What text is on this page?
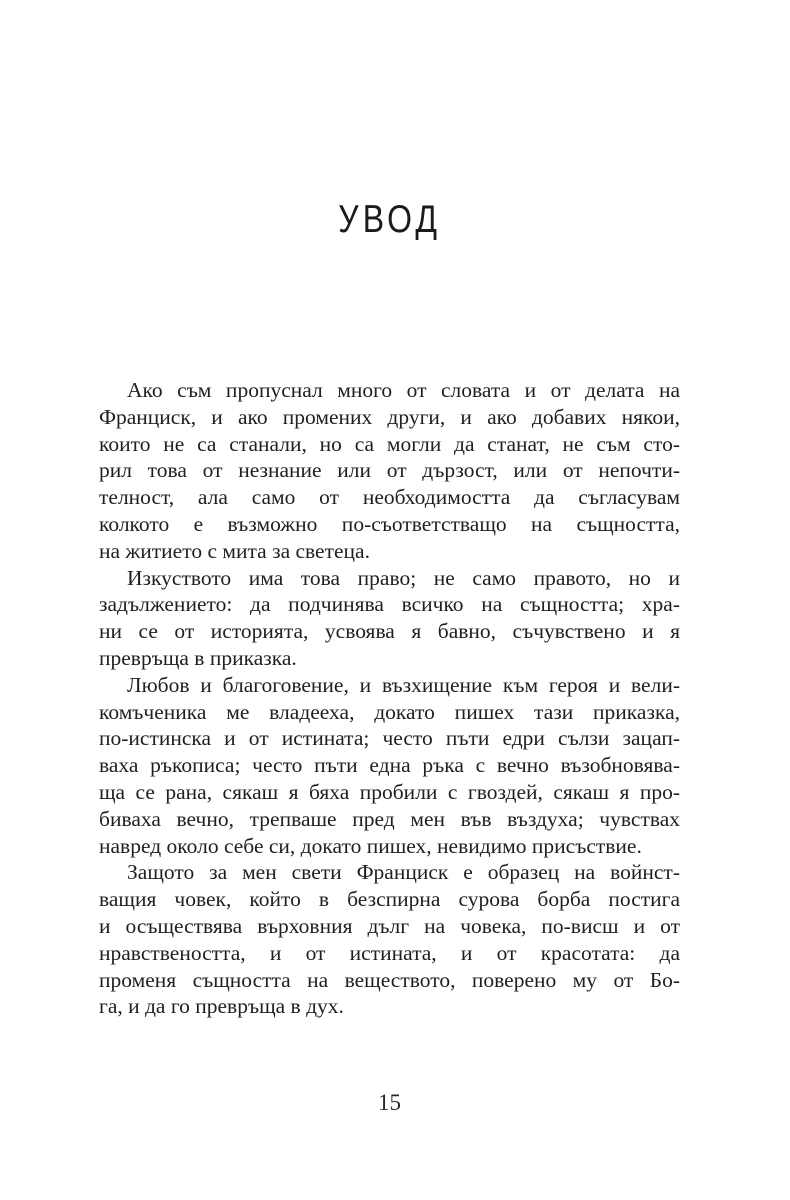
УВОД
Ако съм пропуснал много от словата и от делата на
Франциск, и ако промених други, и ако добавих някои,
които не са станали, но са могли да станат, не съм сто-
рил това от незнание или от дързост, или от непочти-
телност, ала само от необходимостта да съгласувам
колкото е възможно по-съответстващо на същността,
на житието с мита за светеца.
Изкуството има това право; не само правото, но и
задължението: да подчинява всичко на същността; хра-
ни се от историята, усвоява я бавно, съчувствено и я
превръща в приказка.
Любов и благоговение, и възхищение към героя и вели-
комъченика ме владееха, докато пишех тази приказка,
по-истинска и от истината; често пъти едри сълзи зацап-
ваха ръкописа; често пъти една ръка с вечно възобновява-
ща се рана, сякаш я бяха пробили с гвоздей, сякаш я про-
биваха вечно, трепваше пред мен във въздуха; чувствах
навред около себе си, докато пишех, невидимо присъствие.
Защото за мен свети Франциск е образец на войнст-
ващия човек, който в безспирна сурова борба постига
и осъществява върховния дълг на човека, по-висш и от
нравствеността, и от истината, и от красотата: да
променя същността на веществото, поверено му от Бо-
га, и да го превръща в дух.
15
